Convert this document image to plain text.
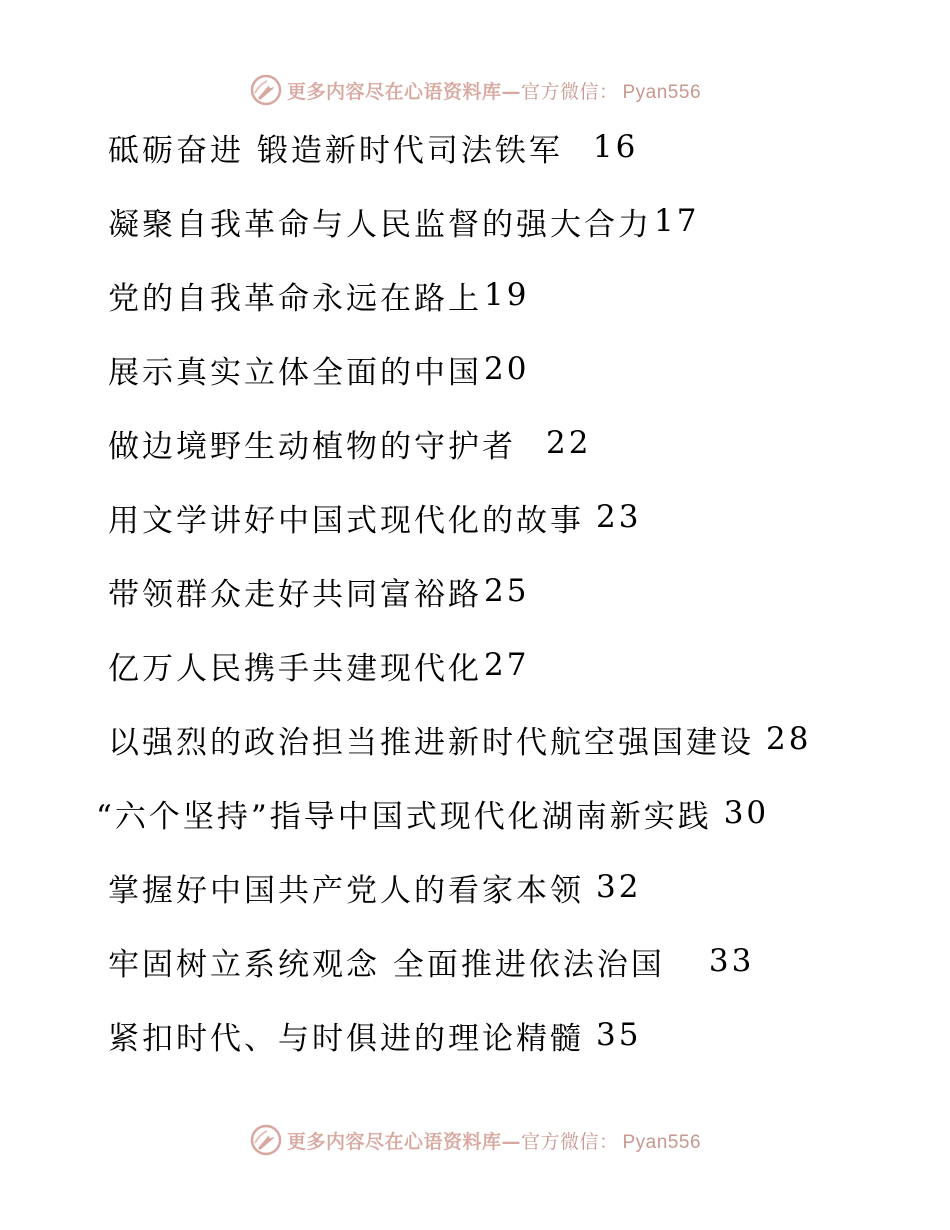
更多内容尽在心语资料库—官方微信： Pyan556
砥砺奋进 锻造新时代司法铁军 16
凝聚自我革命与人民监督的强大合力 17
党的自我革命永远在路上 19
展示真实立体全面的中国 20
做边境野生动植物的守护者 22
用文学讲好中国式现代化的故事 23
带领群众走好共同富裕路 25
亿万人民携手共建现代化 27
以强烈的政治担当推进新时代航空强国建设 28
“六个坚持”指导中国式现代化湖南新实践 30
掌握好中国共产党人的看家本领 32
牢固树立系统观念 全面推进依法治国 33
紧扣时代、与时俱进的理论精髓 35
更多内容尽在心语资料库—官方微信： Pyan556
